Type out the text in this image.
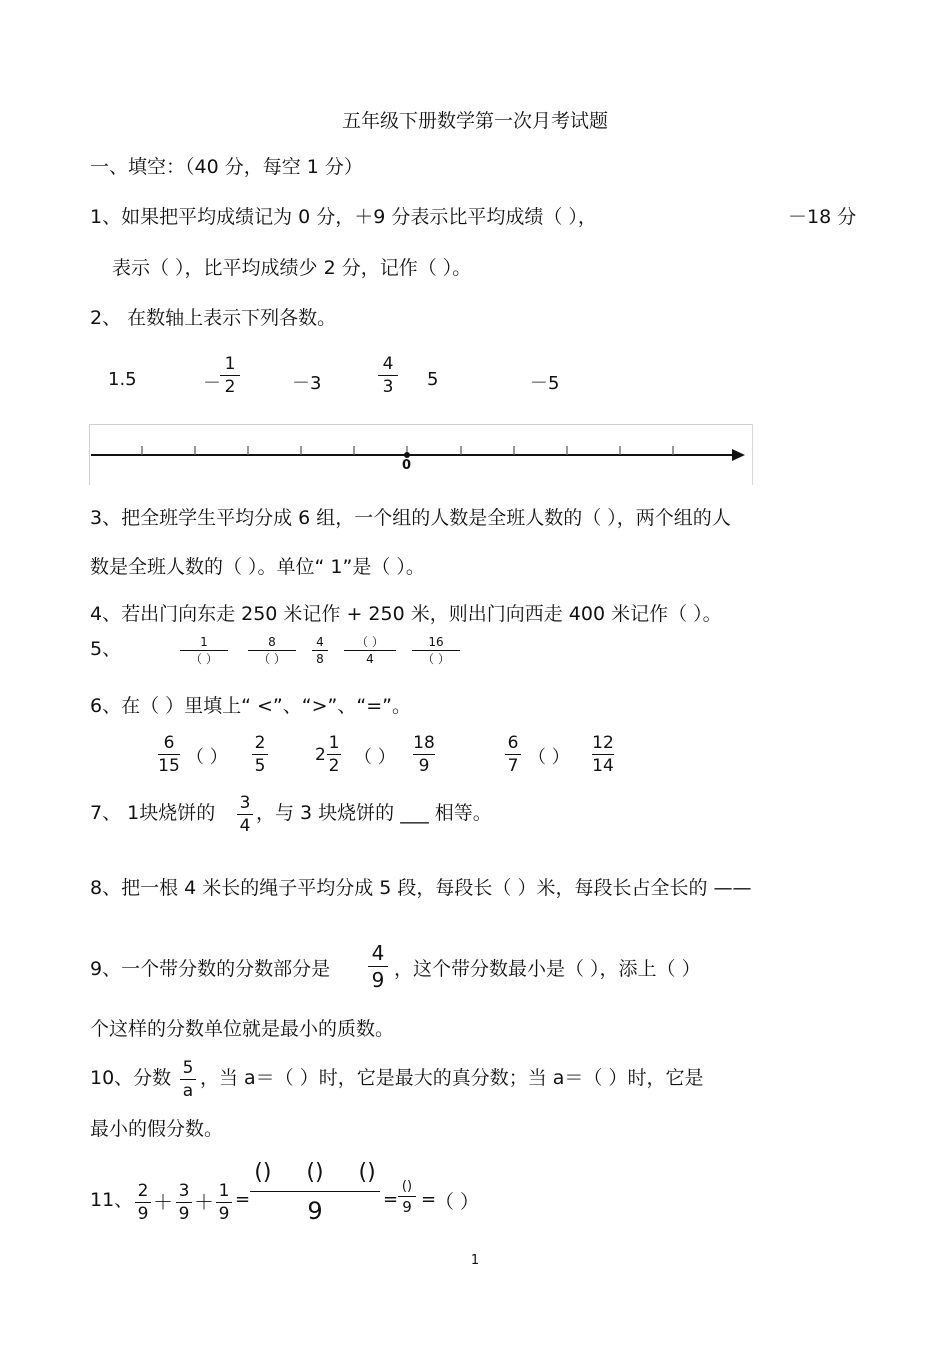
五年级下册数学第一次月考试题
一、填空：（40 分，每空 1 分）
1、如果把平均成绩记为 0 分，＋9 分表示比平均成绩（ ），	－18 分
表示（ ），比平均成绩少 2 分，记作（ ）。
2、 在数轴上表示下列各数。
1.5	－
1
2	－3
4
3 5	－5
0
3、把全班学生平均分成 6 组，一个组的人数是全班人数的（ ），两个组的人
数是全班人数的（ ）。单位“ 1”是（ ）。
4、若出门向东走 250 米记作 + 250 米，则出门向西走 400 米记作（ ）。
5、	1
（ ）
8
（ ）
4
8
（ ）
4
16
（ ）
6、在（ ）里填上“ <”、“>”、“=”。
6
15 （ ）
2
5
2
1
2 （ ）
18
9
6
7 （ ）
12
14
7、 1块烧饼的 3
4
，与 3 块烧饼的 ___ 相等。
8、把一根 4 米长的绳子平均分成 5 段，每段长（ ）米，每段长占全长的 ——
9、一个带分数的分数部分是
4
9 ，这个带分数最小是（ ），添上（ ）
个这样的分数单位就是最小的质数。
10、分数 5
a
，当 a＝（ ）时，它是最大的真分数；当 a＝（ ）时，它是
最小的假分数。
11、 2
9 ＋ 3
9 ＋ 1
9
=
()     ()     ()
9	=
()
9 =
（ ）
1
